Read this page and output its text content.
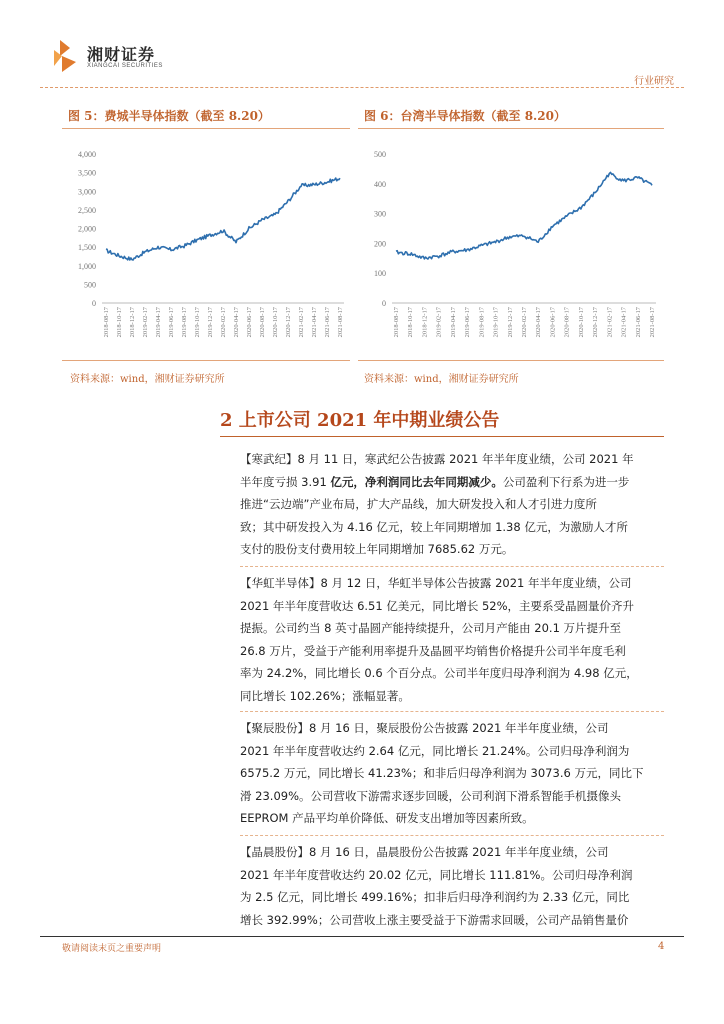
湘财证券
XIANGCAI SECURITIES
行业研究
图 5：费城半导体指数（截至 8.20）	图 6：台湾半导体指数（截至 8.20）
4,000
3,500
3,000
2,500
2,000
1,500
1,000
500
0
2018-08-17 2018-10-17 2018-12-17 2019-02-17 2019-04-17 2019-06-17 2019-08-17 2019-10-17 2019-12-17 2020-02-17 2020-04-17 2020-06-17 2020-08-17 2020-10-17 2020-12-17 2021-02-17 2021-04-17 2021-06-17 2021-08-17
500
400
300
200
100
0
2018-08-17 2018-10-17 2018-12-17 2019-02-17 2019-04-17 2019-06-17 2019-08-17 2019-10-17 2019-12-17 2020-02-17 2020-04-17 2020-06-17 2020-08-17 2020-10-17 2020-12-17 2021-02-17 2021-04-17 2021-06-17 2021-08-17
资料来源：wind，湘财证券研究所	资料来源：wind，湘财证券研究所
2 上市公司 2021 年中期业绩公告
【寒武纪】8 月 11 日，寒武纪公告披露 2021 年半年度业绩，公司 2021 年
半年度亏损 3.91 亿元，净利润同比去年同期减少。公司盈利下行系为进一步
推进“云边端”产业布局，扩大产品线，加大研发投入和人才引进力度所
致；其中研发投入为 4.16 亿元，较上年同期增加 1.38 亿元，为激励人才所
支付的股份支付费用较上年同期增加 7685.62 万元。
【华虹半导体】8 月 12 日，华虹半导体公告披露 2021 年半年度业绩，公司
2021 年半年度营收达 6.51 亿美元，同比增长 52%，主要系受晶圆量价齐升
提振。公司约当 8 英寸晶圆产能持续提升，公司月产能由 20.1 万片提升至
26.8 万片，受益于产能利用率提升及晶圆平均销售价格提升公司半年度毛利
率为 24.2%，同比增长 0.6 个百分点。公司半年度归母净利润为 4.98 亿元，
同比增长 102.26%；涨幅显著。
【聚辰股份】8 月 16 日，聚辰股份公告披露 2021 年半年度业绩，公司
2021 年半年度营收达约 2.64 亿元，同比增长 21.24%。公司归母净利润为
6575.2 万元，同比增长 41.23%；和非后归母净利润为 3073.6 万元，同比下
滑 23.09%。公司营收下游需求逐步回暖，公司利润下滑系智能手机摄像头
EEPROM 产品平均单价降低、研发支出增加等因素所致。
【晶晨股份】8 月 16 日，晶晨股份公告披露 2021 年半年度业绩，公司
2021 年半年度营收达约 20.02 亿元，同比增长 111.81%。公司归母净利润
为 2.5 亿元，同比增长 499.16%；扣非后归母净利润约为 2.33 亿元，同比
增长 392.99%；公司营收上涨主要受益于下游需求回暖，公司产品销售量价
敬请阅读末页之重要声明	4
